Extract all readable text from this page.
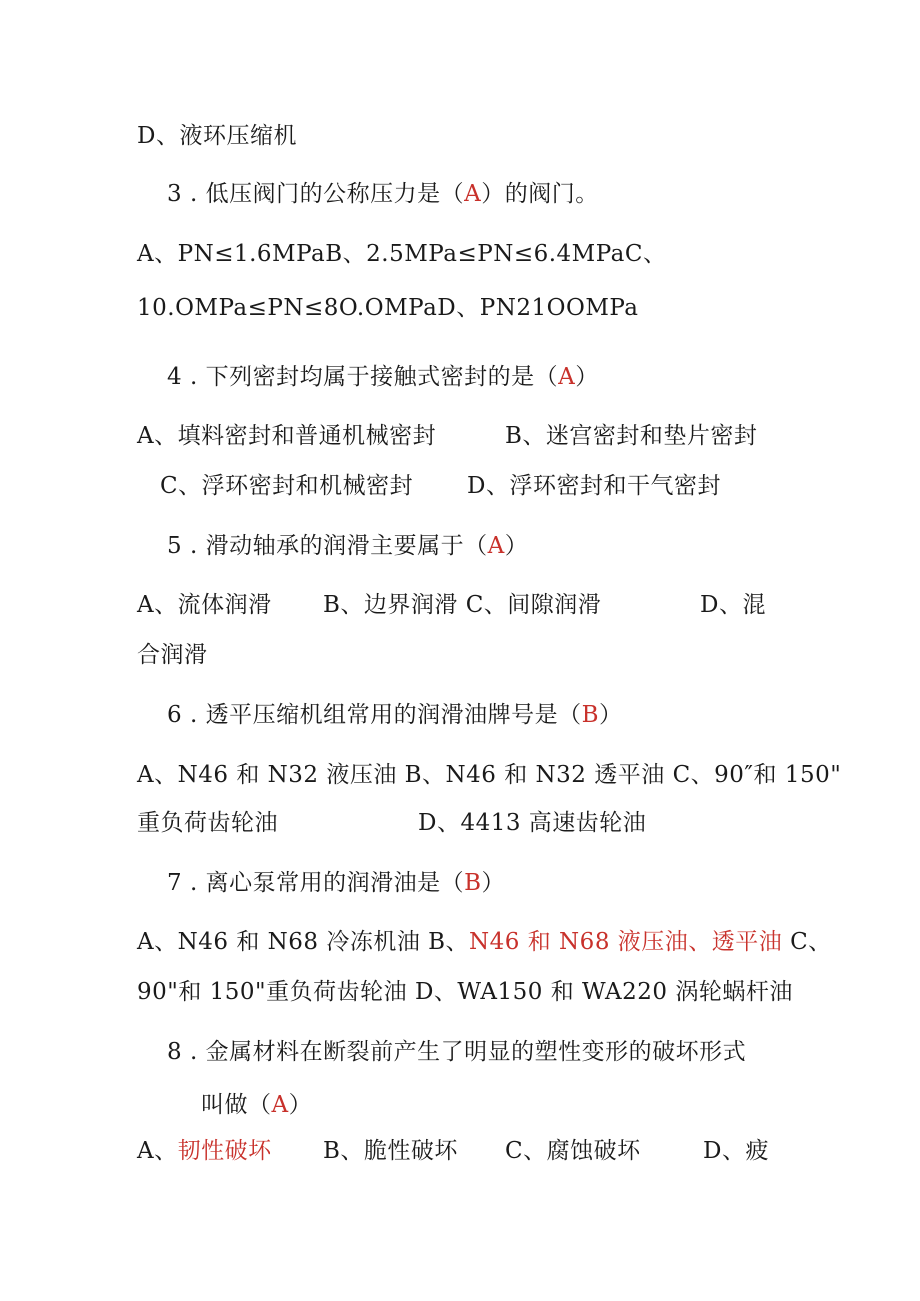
D、液环压缩机
3 . 低压阀门的公称压力是（A）的阀门。
A、PN≤1.6MPaB、2.5MPa≤PN≤6.4MPaC、
10.OMPa≤PN≤8O.OMPaD、PN21OOMPa
4 . 下列密封均属于接触式密封的是（A）
A、填料密封和普通机械密封	B、迷宫密封和垫片密封
C、浮环密封和机械密封 D、浮环密封和干气密封
5 . 滑动轴承的润滑主要属于（A）
A、流体润滑 B、边界润滑 C、间隙润滑	D、混
合润滑
6 . 透平压缩机组常用的润滑油牌号是（B）
A、N46 和 N32 液压油 B、N46 和 N32 透平油 C、90″和 150"
重负荷齿轮油	D、4413 高速齿轮油
7 . 离心泵常用的润滑油是（B）
A、N46 和 N68 冷冻机油 B、N46 和 N68 液压油、透平油 C、
90"和 150"重负荷齿轮油 D、WA150 和 WA220 涡轮蜗杆油
8 . 金属材料在断裂前产生了明显的塑性变形的破坏形式
叫做（A）
A、韧性破坏 B、脆性破坏 C、腐蚀破坏	D、疲
